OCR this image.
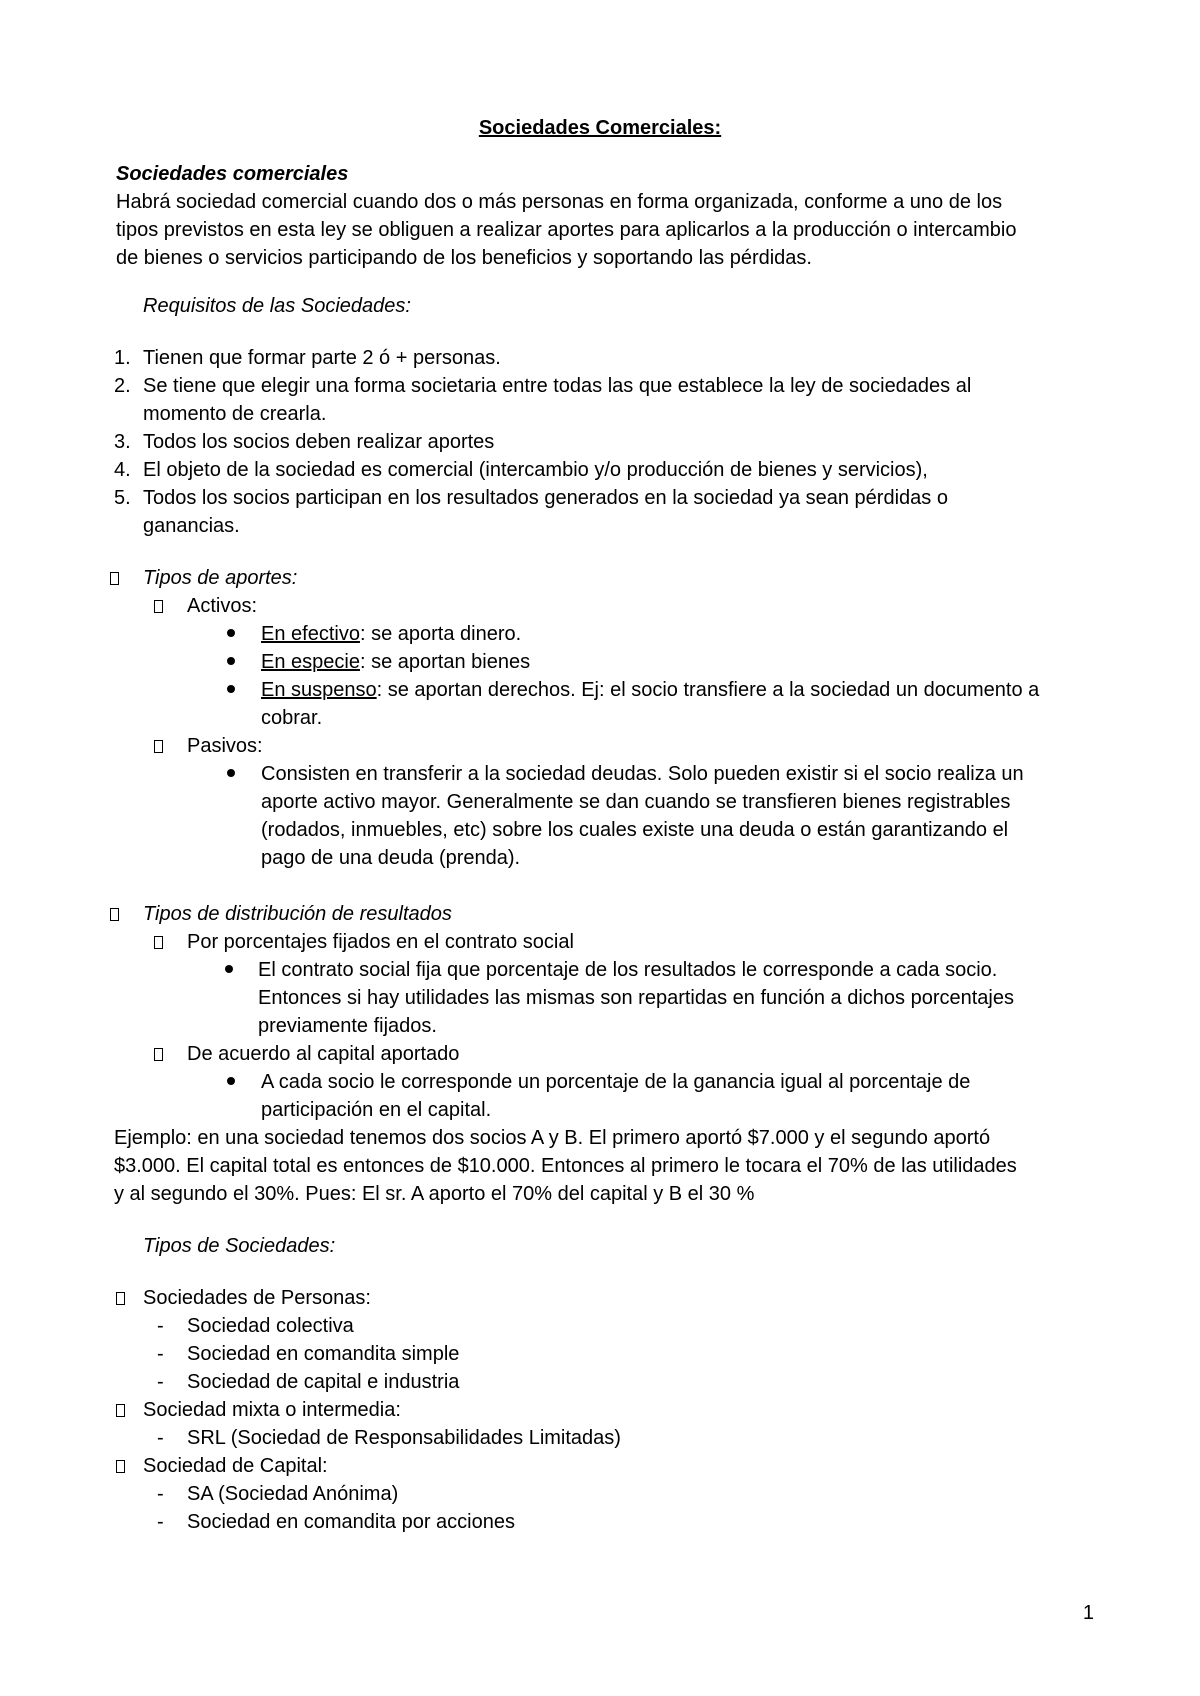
Sociedades Comerciales:
Sociedades comerciales
Habrá sociedad comercial cuando dos o más personas en forma organizada, conforme a uno de los
tipos previstos en esta ley se obliguen a realizar aportes para aplicarlos a la producción o intercambio
de bienes o servicios participando de los beneficios y soportando las pérdidas.
Requisitos de las Sociedades:
1. Tienen que formar parte 2 ó + personas.
2. Se tiene que elegir una forma societaria entre todas las que establece la ley de sociedades al
momento de crearla.
3. Todos los socios deben realizar aportes
4. El objeto de la sociedad es comercial (intercambio y/o producción de bienes y servicios),
5. Todos los socios participan en los resultados generados en la sociedad ya sean pérdidas o
ganancias.
Tipos de aportes:
Activos:
En efectivo: se aporta dinero.
En especie: se aportan bienes
En suspenso: se aportan derechos. Ej: el socio transfiere a la sociedad un documento a
cobrar.
Pasivos:
Consisten en transferir a la sociedad deudas. Solo pueden existir si el socio realiza un
aporte activo mayor. Generalmente se dan cuando se transfieren bienes registrables
(rodados, inmuebles, etc) sobre los cuales existe una deuda o están garantizando el
pago de una deuda (prenda).
Tipos de distribución de resultados
Por porcentajes fijados en el contrato social
El contrato social fija que porcentaje de los resultados le corresponde a cada socio.
Entonces si hay utilidades las mismas son repartidas en función a dichos porcentajes
previamente fijados.
De acuerdo al capital aportado
A cada socio le corresponde un porcentaje de la ganancia igual al porcentaje de
participación en el capital.
Ejemplo: en una sociedad tenemos dos socios A y B. El primero aportó $7.000 y el segundo aportó
$3.000. El capital total es entonces de $10.000. Entonces al primero le tocara el 70% de las utilidades
y al segundo el 30%. Pues: El sr. A aporto el 70% del capital y B el 30 %
Tipos de Sociedades:
Sociedades de Personas:
- Sociedad colectiva
- Sociedad en comandita simple
- Sociedad de capital e industria
Sociedad mixta o intermedia:
- SRL (Sociedad de Responsabilidades Limitadas)
Sociedad de Capital:
- SA (Sociedad Anónima)
- Sociedad en comandita por acciones
1
